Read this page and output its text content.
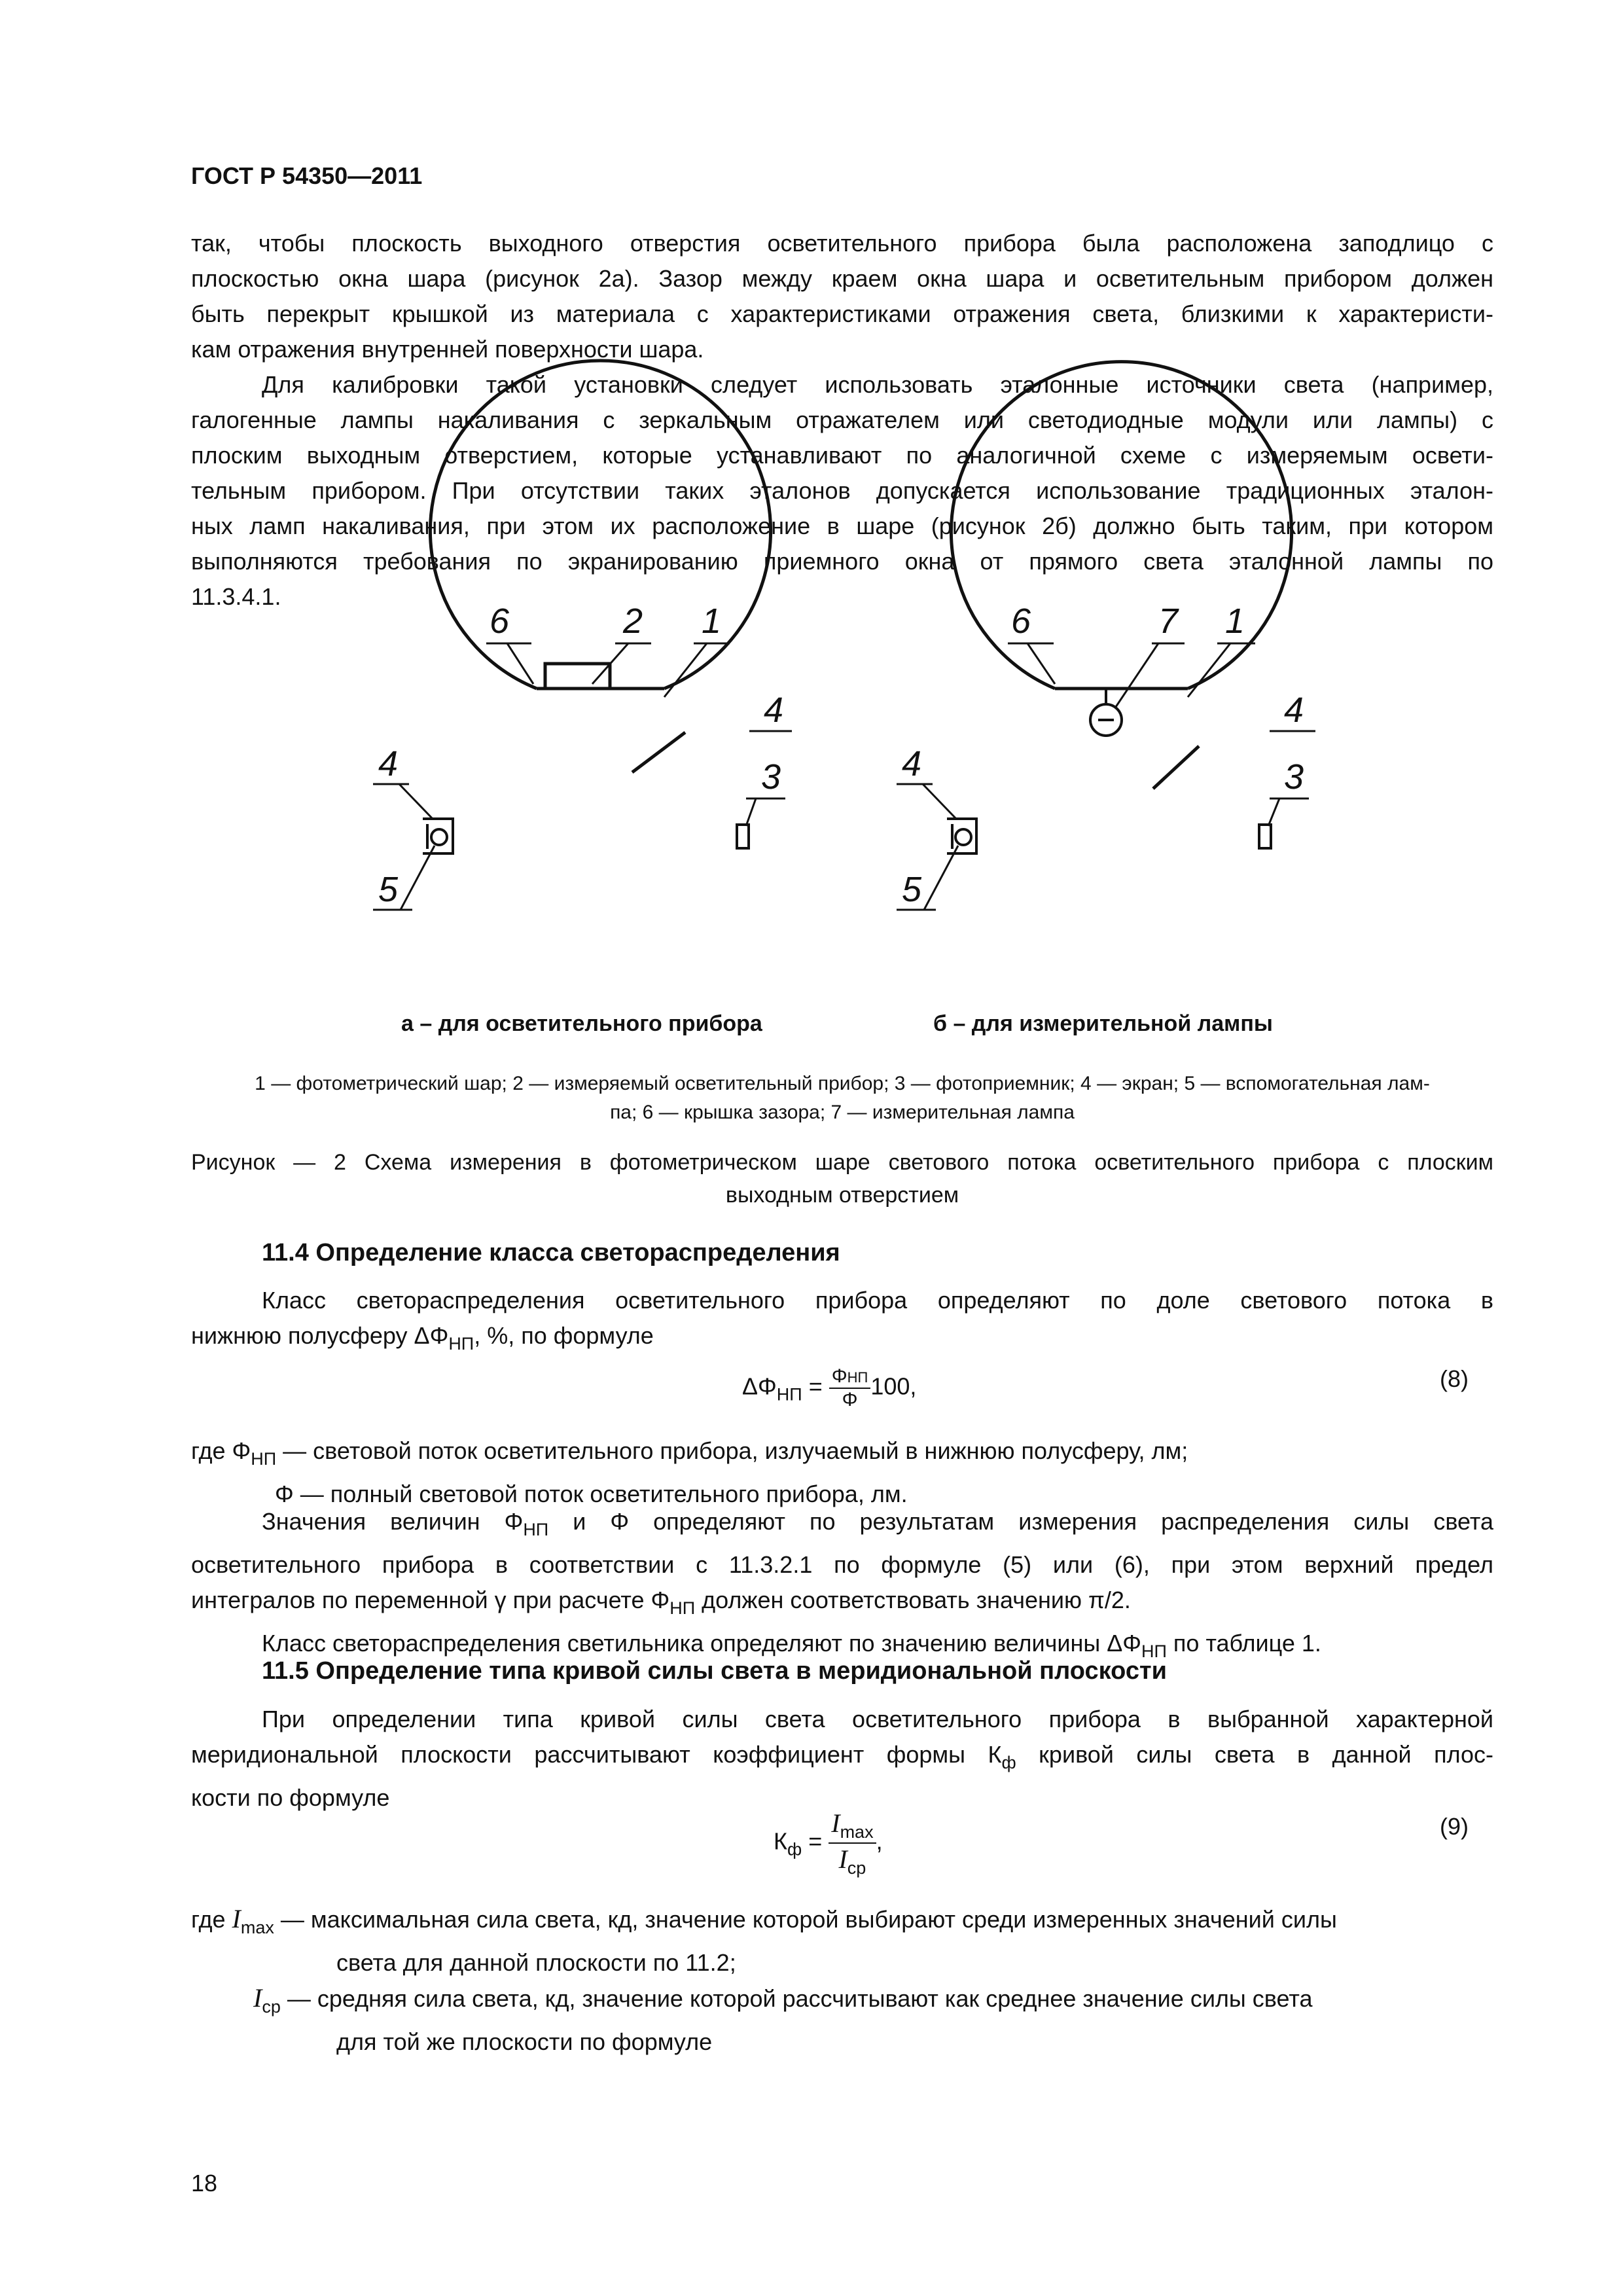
ГОСТ Р 54350—2011
так, чтобы плоскость выходного отверстия осветительного прибора была расположена заподлицо с
плоскостью окна шара (рисунок 2а). Зазор между краем окна шара и осветительным прибором должен
быть перекрыт крышкой из материала с характеристиками отражения света, близкими к характеристи-
кам отражения внутренней поверхности шара.
Для калибровки такой установки следует использовать эталонные источники света (например,
галогенные лампы накаливания с зеркальным отражателем или светодиодные модули или лампы) с
плоским выходным отверстием, которые устанавливают по аналогичной схеме с измеряемым освети-
тельным прибором. При отсутствии таких эталонов допускается использование традиционных эталон-
ных ламп накаливания, при этом их расположение в шаре (рисунок 2б) должно быть таким, при котором
выполняются требования по экранированию приемного окна от прямого света эталонной лампы по
11.3.4.1.
6	2 1
4
3
4
5
6	7 1
4
3
4
5
а – для осветительного прибора	б – для измерительной лампы
1 — фотометрический шар; 2 — измеряемый осветительный прибор; 3 — фотоприемник; 4 — экран; 5 — вспомогательная лам-
па; 6 — крышка зазора; 7 — измерительная лампа
Рисунок — 2 Схема измерения в фотометрическом шаре светового потока осветительного прибора с плоским
выходным отверстием
11.4 Определение класса светораспределения
Класс светораспределения осветительного прибора определяют по доле светового потока в
нижнюю полусферу $\Delta\Phi_{НП}$, %, по формуле
$\Delta\Phi_{НП} = \frac{\text{ΦНП}}{\Phi} 100$,	(8)
где $\Phi_{НП}$ — световой поток осветительного прибора, излучаемый в нижнюю полусферу, лм;
Φ — полный световой поток осветительного прибора, лм.
Значения величин $\Phi_{НП}$ и Φ определяют по результатам измерения распределения силы света
осветительного прибора в соответствии с 11.3.2.1 по формуле (5) или (6), при этом верхний предел
интегралов по переменной γ при расчете $\Phi_{НП}$ должен соответствовать значению π/2.
Класс светораспределения светильника определяют по значению величины $\Delta\Phi_{НП}$ по таблице 1.
11.5 Определение типа кривой силы света в меридиональной плоскости
При определении типа кривой силы света осветительного прибора в выбранной характерной
меридиональной плоскости рассчитывают коэффициент формы $К_ф$ кривой силы света в данной плос-
кости по формуле
$К_ф = \frac{I_{max}}{I_{ср}}$ ,
(9)
где $I_{max}$ — максимальная сила света, кд, значение которой выбирают среди измеренных значений силы
света для данной плоскости по 11.2;
$I_{ср}$ — средняя сила света, кд, значение которой рассчитывают как среднее значение силы света
для той же плоскости по формуле
18
